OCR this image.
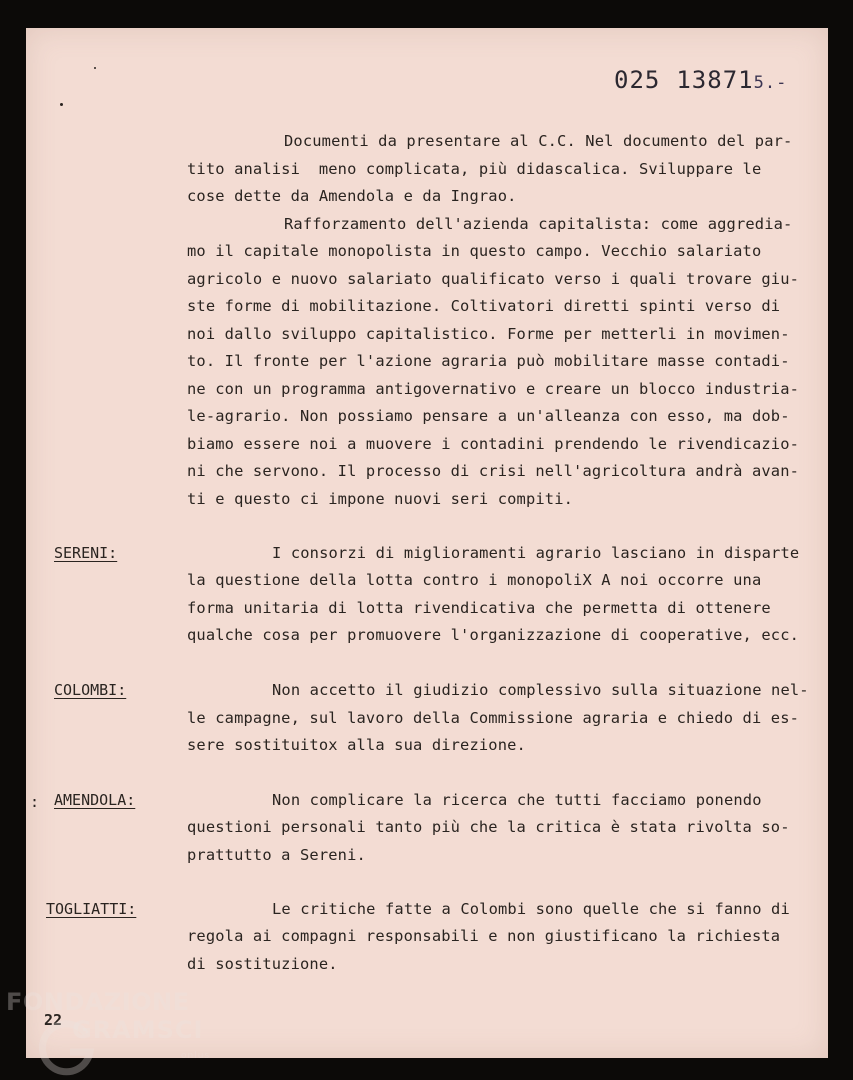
025 138715.-
Documenti da presentare al C.C. Nel documento del par-
tito analisi  meno complicata, più didascalica. Sviluppare le
cose dette da Amendola e da Ingrao.
Rafforzamento dell'azienda capitalista: come aggredia-
mo il capitale monopolista in questo campo. Vecchio salariato
agricolo e nuovo salariato qualificato verso i quali trovare giu-
ste forme di mobilitazione. Coltivatori diretti spinti verso di
noi dallo sviluppo capitalistico. Forme per metterli in movimen-
to. Il fronte per l'azione agraria può mobilitare masse contadi-
ne con un programma antigovernativo e creare un blocco industria-
le-agrario. Non possiamo pensare a un'alleanza con esso, ma dob-
biamo essere noi a muovere i contadini prendendo le rivendicazio-
ni che servono. Il processo di crisi nell'agricoltura andrà avan-
ti e questo ci impone nuovi seri compiti.
SERENI:	I consorzi di miglioramenti agrario lasciano in disparte
la questione della lotta contro i monopoliX A noi occorre una
forma unitaria di lotta rivendicativa che permetta di ottenere
qualche cosa per promuovere l'organizzazione di cooperative, ecc.
COLOMBI:	Non accetto il giudizio complessivo sulla situazione nel-
le campagne, sul lavoro della Commissione agraria e chiedo di es-
sere sostituitox alla sua direzione.
: AMENDOLA:	Non complicare la ricerca che tutti facciamo ponendo
questioni personali tanto più che la critica è stata rivolta so-
prattutto a Sereni.
TOGLIATTI:	Le critiche fatte a Colombi sono quelle che si fanno di
regola ai compagni responsabili e non giustificano la richiesta
di sostituzione.
22
FONDAZIONE
GRAMSCI
onlus
